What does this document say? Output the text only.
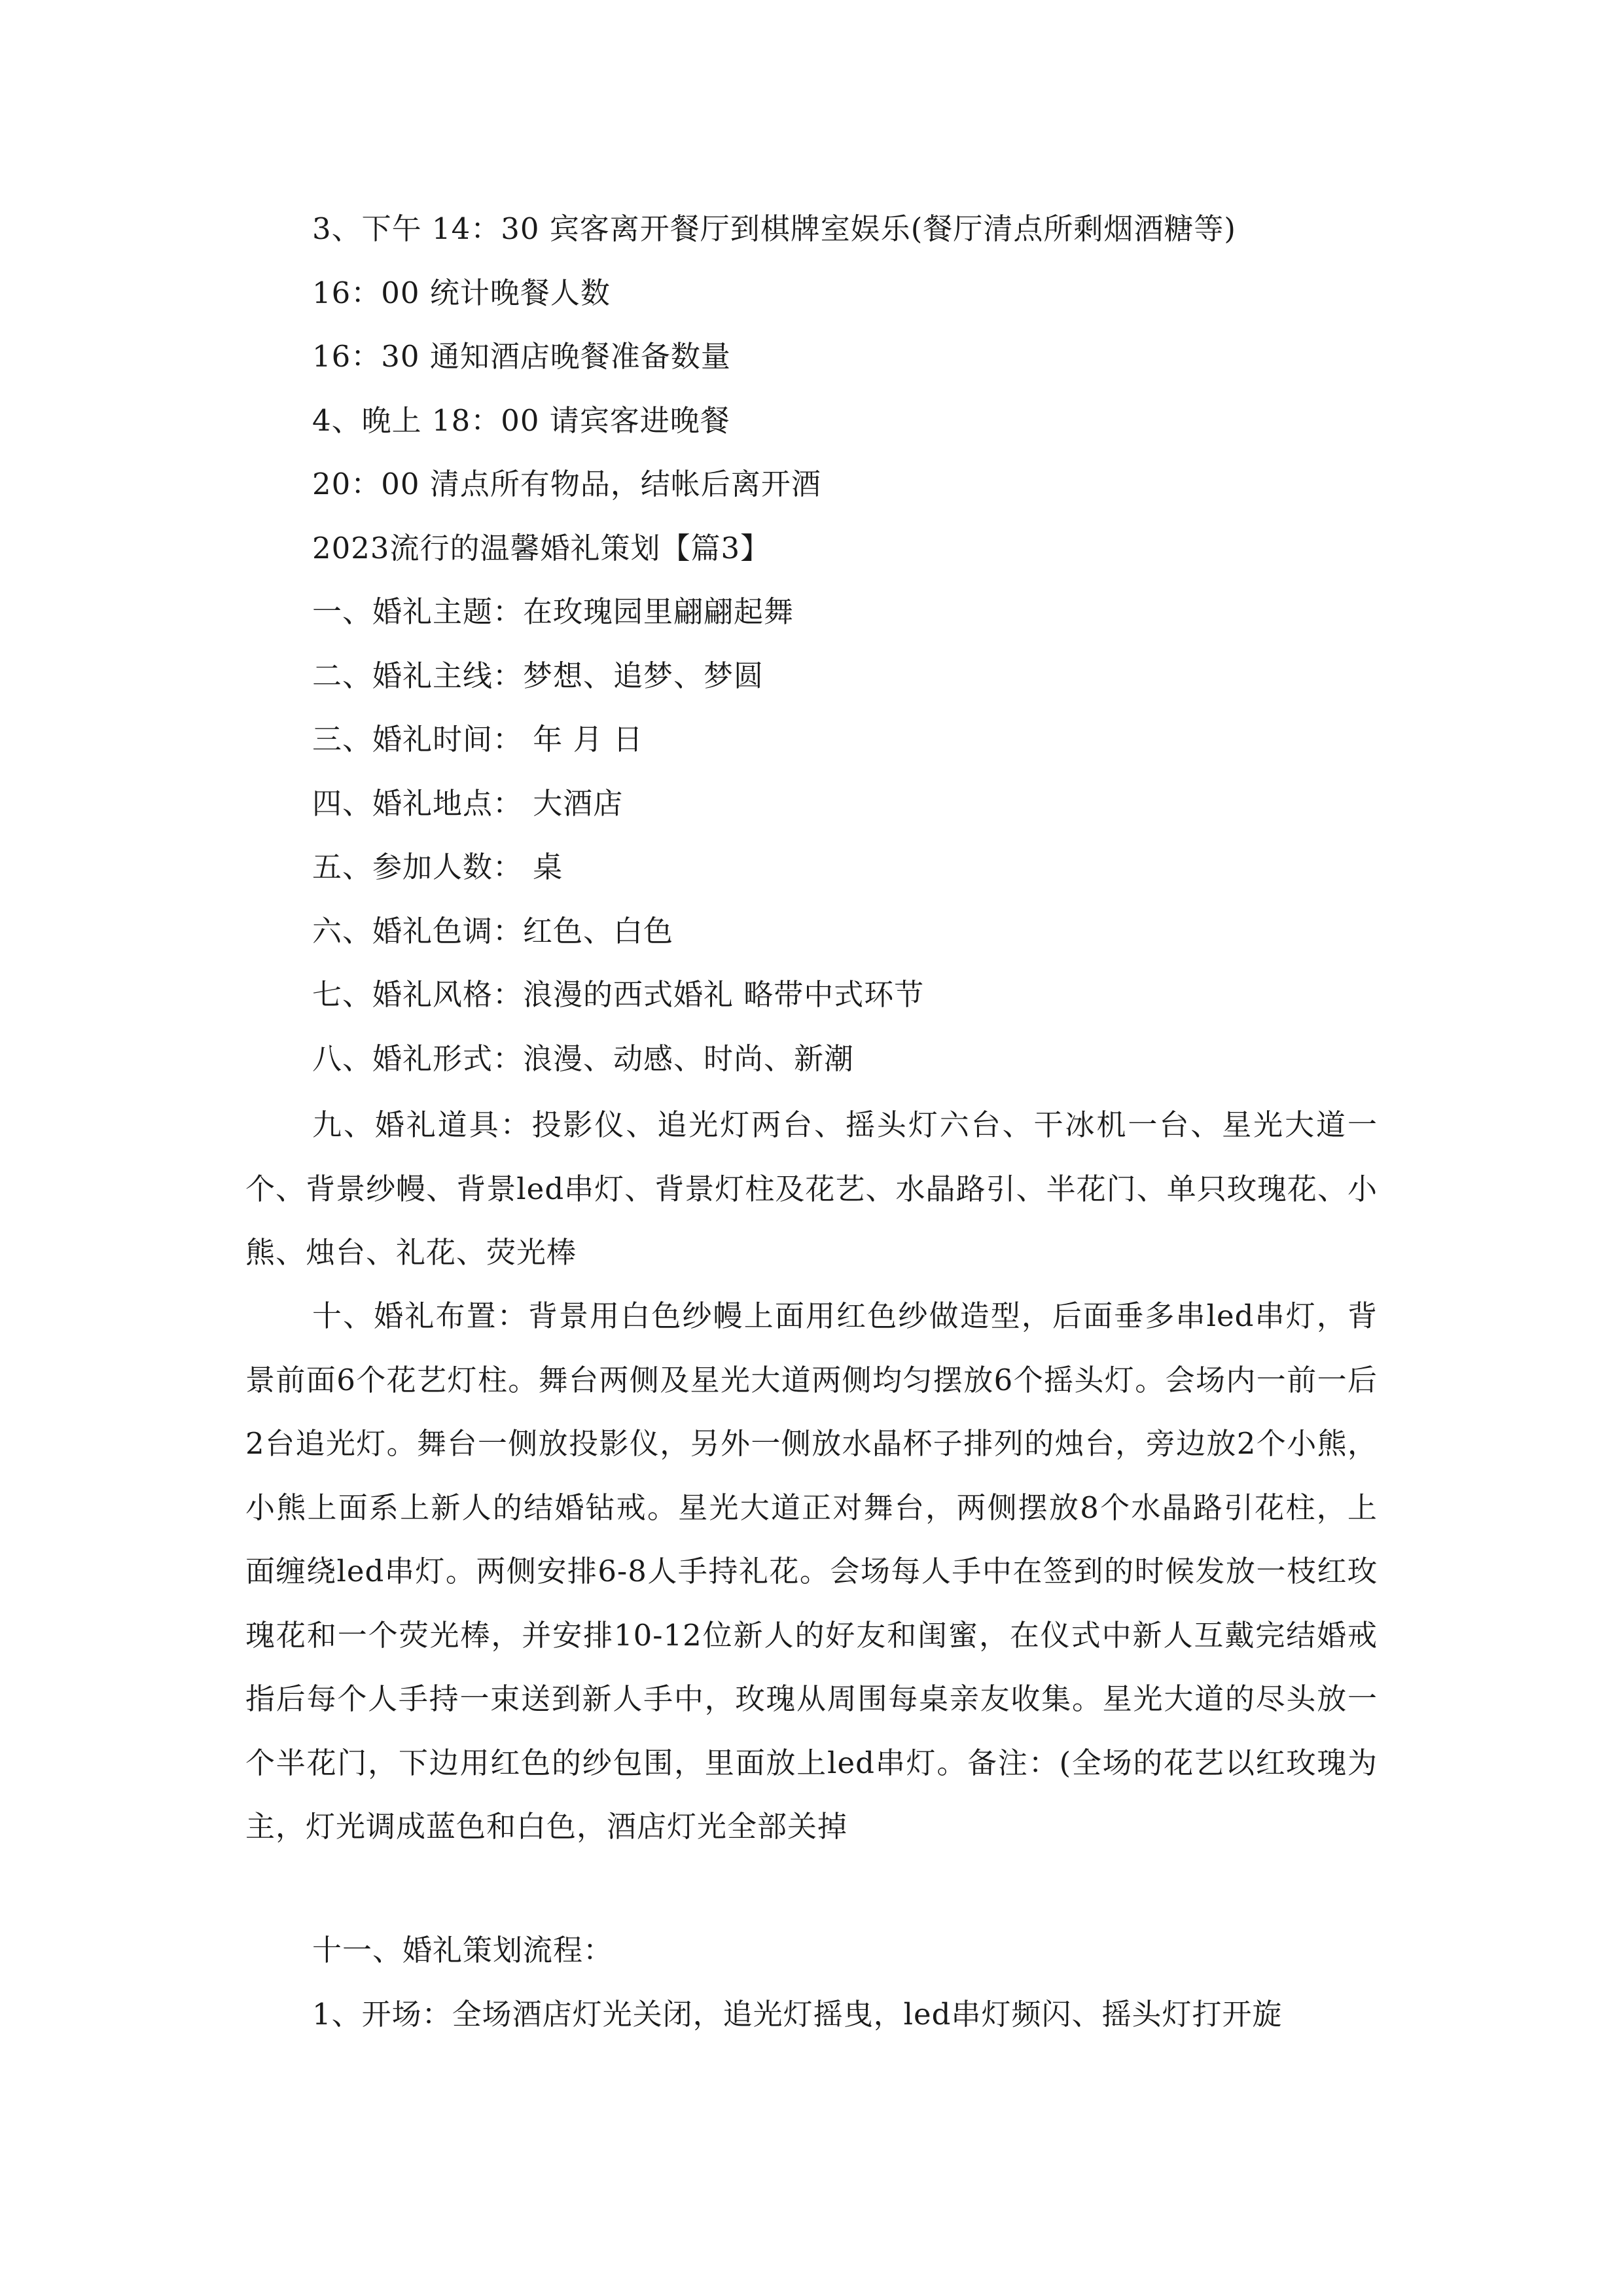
3、下午 14：30 宾客离开餐厅到棋牌室娱乐(餐厅清点所剩烟酒糖等)
16：00 统计晚餐人数
16：30 通知酒店晚餐准备数量
4、晚上 18：00 请宾客进晚餐
20：00 清点所有物品，结帐后离开酒
2023流行的温馨婚礼策划【篇3】
一、婚礼主题：在玫瑰园里翩翩起舞
二、婚礼主线：梦想、追梦、梦圆
三、婚礼时间： 年 月 日
四、婚礼地点： 大酒店
五、参加人数： 桌
六、婚礼色调：红色、白色
七、婚礼风格：浪漫的西式婚礼 略带中式环节
八、婚礼形式：浪漫、动感、时尚、新潮
九、婚礼道具：投影仪、追光灯两台、摇头灯六台、干冰机一台、星光大道一个、背景纱幔、背景led串灯、背景灯柱及花艺、水晶路引、半花门、单只玫瑰花、小熊、烛台、礼花、荧光棒
十、婚礼布置：背景用白色纱幔上面用红色纱做造型，后面垂多串led串灯，背景前面6个花艺灯柱。舞台两侧及星光大道两侧均匀摆放6个摇头灯。会场内一前一后2台追光灯。舞台一侧放投影仪，另外一侧放水晶杯子排列的烛台，旁边放2个小熊，小熊上面系上新人的结婚钻戒。星光大道正对舞台，两侧摆放8个水晶路引花柱，上面缠绕led串灯。两侧安排6-8人手持礼花。会场每人手中在签到的时候发放一枝红玫瑰花和一个荧光棒，并安排10-12位新人的好友和闺蜜，在仪式中新人互戴完结婚戒指后每个人手持一束送到新人手中，玫瑰从周围每桌亲友收集。星光大道的尽头放一个半花门，下边用红色的纱包围，里面放上led串灯。备注：(全场的花艺以红玫瑰为主，灯光调成蓝色和白色，酒店灯光全部关掉
十一、婚礼策划流程：
1、开场：全场酒店灯光关闭，追光灯摇曳，led串灯频闪、摇头灯打开旋
